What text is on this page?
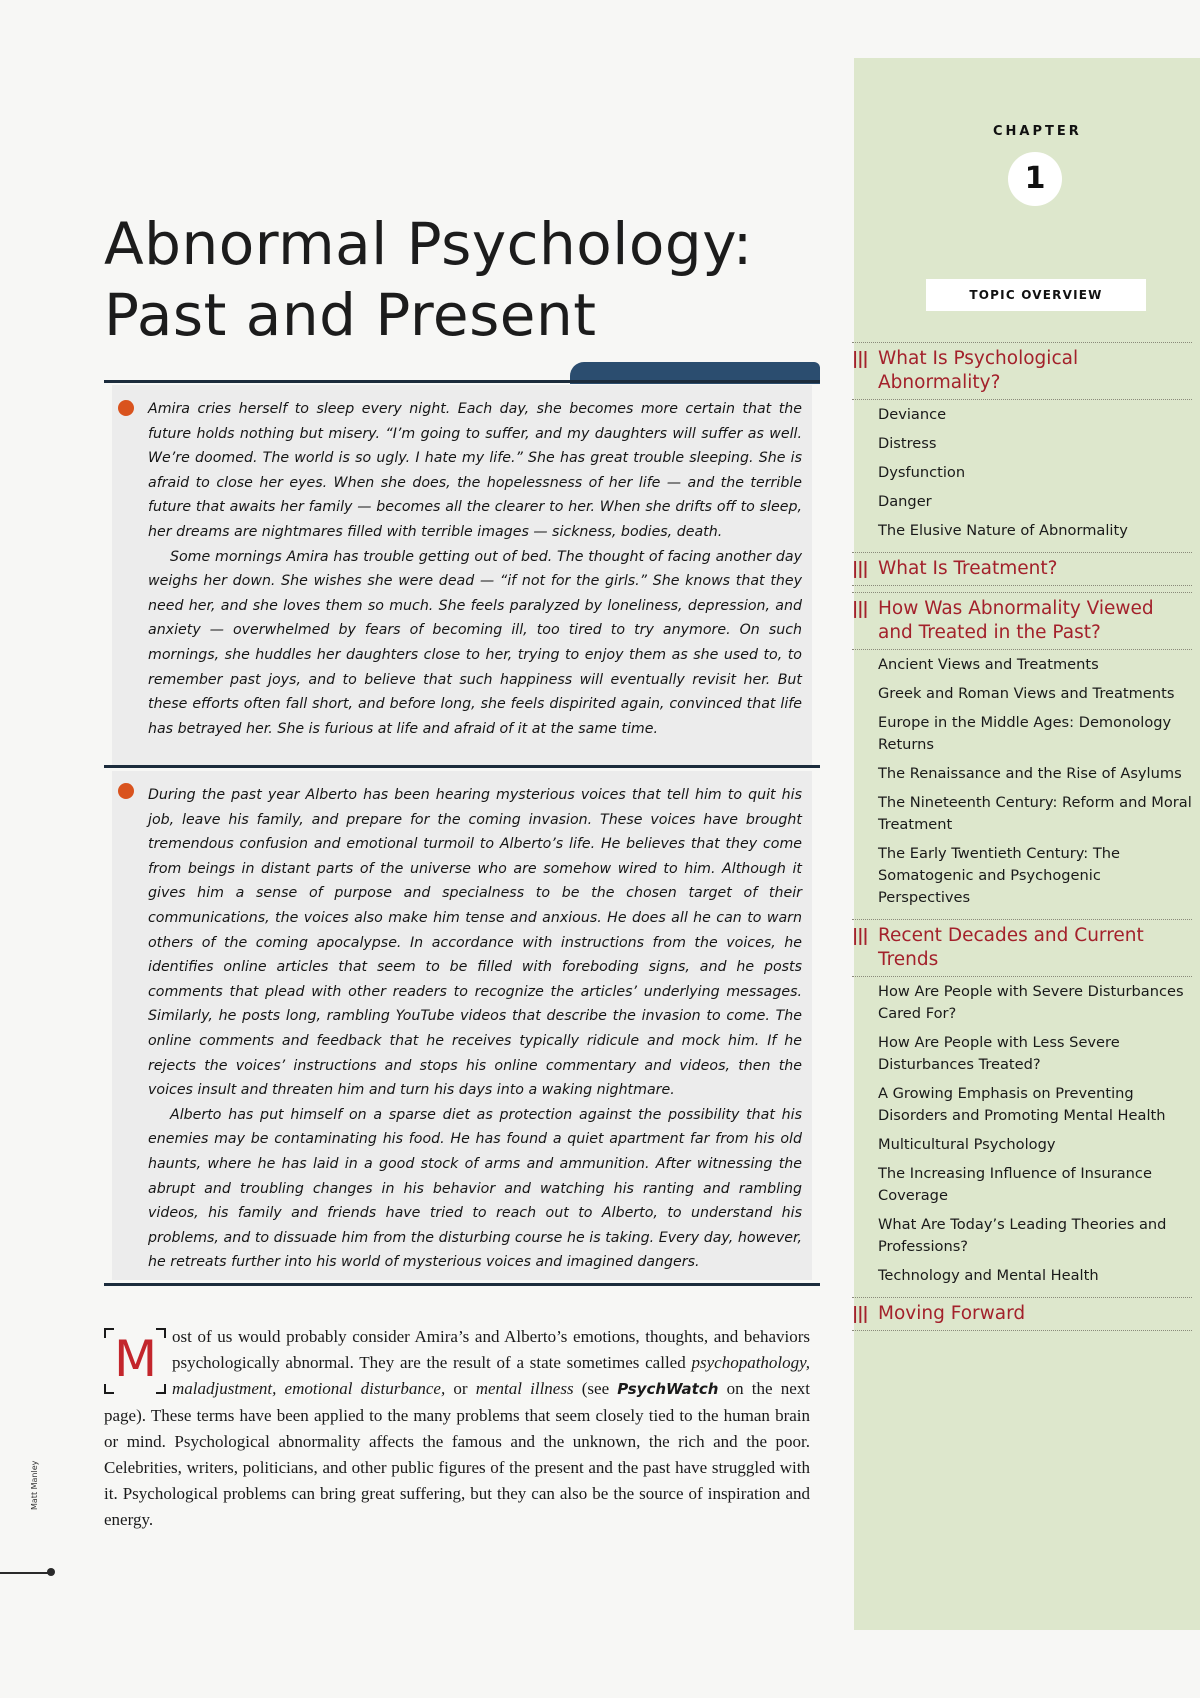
Abnormal Psychology:
Past and Present

Amira cries herself to sleep every night. Each day, she becomes more certain that the future holds nothing but misery. “I’m going to suffer, and my daughters will suffer as well. We’re doomed. The world is so ugly. I hate my life.” She has great trouble sleeping. She is afraid to close her eyes. When she does, the hopelessness of her life — and the terrible future that awaits her family — becomes all the clearer to her. When she drifts off to sleep, her dreams are nightmares filled with terrible images — sickness, bodies, death.

Some mornings Amira has trouble getting out of bed. The thought of facing another day weighs her down. She wishes she were dead — “if not for the girls.” She knows that they need her, and she loves them so much. She feels paralyzed by loneliness, depression, and anxiety — overwhelmed by fears of becoming ill, too tired to try anymore. On such mornings, she huddles her daughters close to her, trying to enjoy them as she used to, to remember past joys, and to believe that such happiness will eventually revisit her. But these efforts often fall short, and before long, she feels dispirited again, convinced that life has betrayed her. She is furious at life and afraid of it at the same time.

During the past year Alberto has been hearing mysterious voices that tell him to quit his job, leave his family, and prepare for the coming invasion. These voices have brought tremendous confusion and emotional turmoil to Alberto’s life. He believes that they come from beings in distant parts of the universe who are somehow wired to him. Although it gives him a sense of purpose and specialness to be the chosen target of their communications, the voices also make him tense and anxious. He does all he can to warn others of the coming apocalypse. In accordance with instructions from the voices, he identifies online articles that seem to be filled with foreboding signs, and he posts comments that plead with other readers to recognize the articles’ underlying messages. Similarly, he posts long, rambling YouTube videos that describe the invasion to come. The online comments and feedback that he receives typically ridicule and mock him. If he rejects the voices’ instructions and stops his online commentary and videos, then the voices insult and threaten him and turn his days into a waking nightmare.

Alberto has put himself on a sparse diet as protection against the possibility that his enemies may be contaminating his food. He has found a quiet apartment far from his old haunts, where he has laid in a good stock of arms and ammunition. After witnessing the abrupt and troubling changes in his behavior and watching his ranting and rambling videos, his family and friends have tried to reach out to Alberto, to understand his problems, and to dissuade him from the disturbing course he is taking. Every day, however, he retreats further into his world of mysterious voices and imagined dangers.

M ost of us would probably consider Amira’s and Alberto’s emotions, thoughts, and behaviors psychologically abnormal. They are the result of a state sometimes called psychopathology, maladjustment, emotional disturbance, or mental illness (see PsychWatch on the next page). These terms have been applied to the many problems that seem closely tied to the human brain or mind. Psychological abnormality affects the famous and the unknown, the rich and the poor. Celebrities, writers, politicians, and other public figures of the present and the past have struggled with it. Psychological problems can bring great suffering, but they can also be the source of inspiration and energy.

Matt Manley
CHAPTER
1
TOPIC OVERVIEW
||| What Is Psychological Abnormality?
Deviance
Distress
Dysfunction
Danger
The Elusive Nature of Abnormality
||| What Is Treatment?
||| How Was Abnormality Viewed and Treated in the Past?
Ancient Views and Treatments
Greek and Roman Views and Treatments
Europe in the Middle Ages: Demonology Returns
The Renaissance and the Rise of Asylums
The Nineteenth Century: Reform and Moral Treatment
The Early Twentieth Century: The Somatogenic and Psychogenic Perspectives
||| Recent Decades and Current Trends
How Are People with Severe Disturbances Cared For?
How Are People with Less Severe Disturbances Treated?
A Growing Emphasis on Preventing Disorders and Promoting Mental Health
Multicultural Psychology
The Increasing Influence of Insurance Coverage
What Are Today’s Leading Theories and Professions?
Technology and Mental Health
||| Moving Forward
